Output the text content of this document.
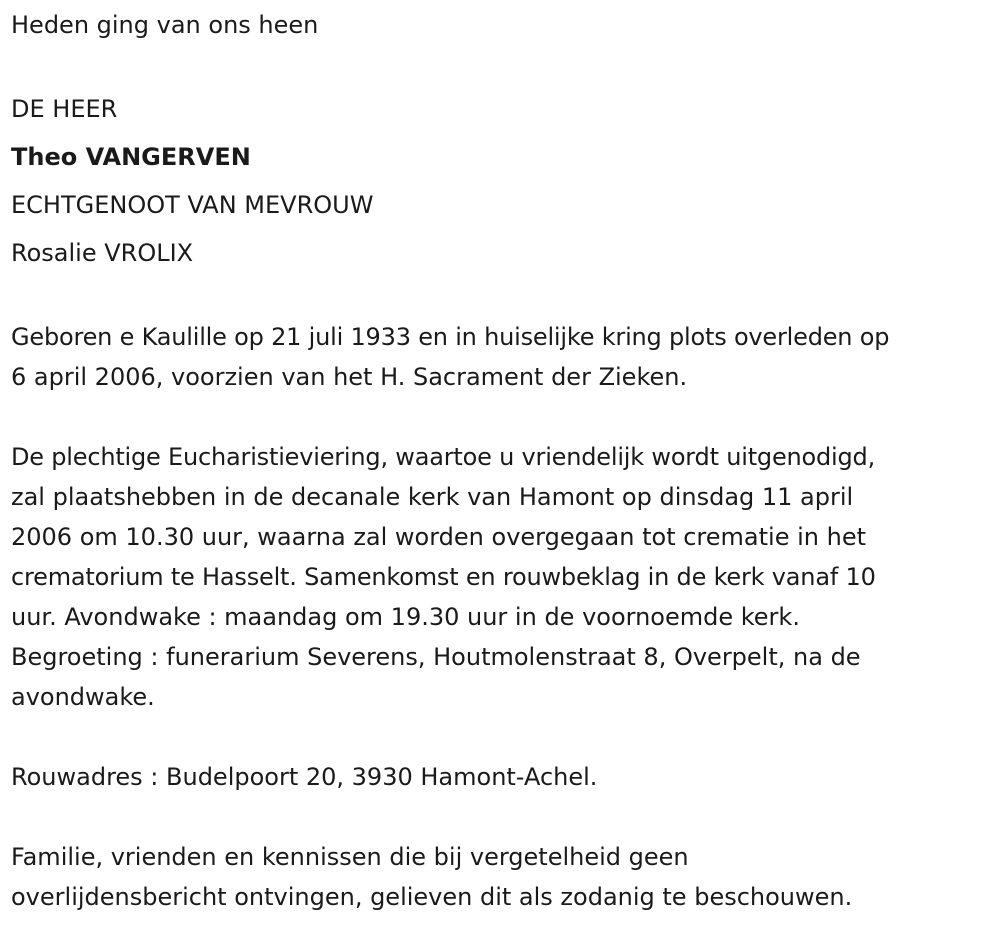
Heden ging van ons heen

DE HEER

Theo VANGERVEN

ECHTGENOOT VAN MEVROUW

Rosalie VROLIX

Geboren e Kaulille op 21 juli 1933 en in huiselijke kring plots overleden op

6 april 2006, voorzien van het H. Sacrament der Zieken.

De plechtige Eucharistieviering, waartoe u vriendelijk wordt uitgenodigd,

zal plaatshebben in de decanale kerk van Hamont op dinsdag 11 april

2006 om 10.30 uur, waarna zal worden overgegaan tot crematie in het

crematorium te Hasselt. Samenkomst en rouwbeklag in de kerk vanaf 10

uur. Avondwake : maandag om 19.30 uur in de voornoemde kerk.

Begroeting : funerarium Severens, Houtmolenstraat 8, Overpelt, na de

avondwake.

Rouwadres : Budelpoort 20, 3930 Hamont-Achel.

Familie, vrienden en kennissen die bij vergetelheid geen

overlijdensbericht ontvingen, gelieven dit als zodanig te beschouwen.
